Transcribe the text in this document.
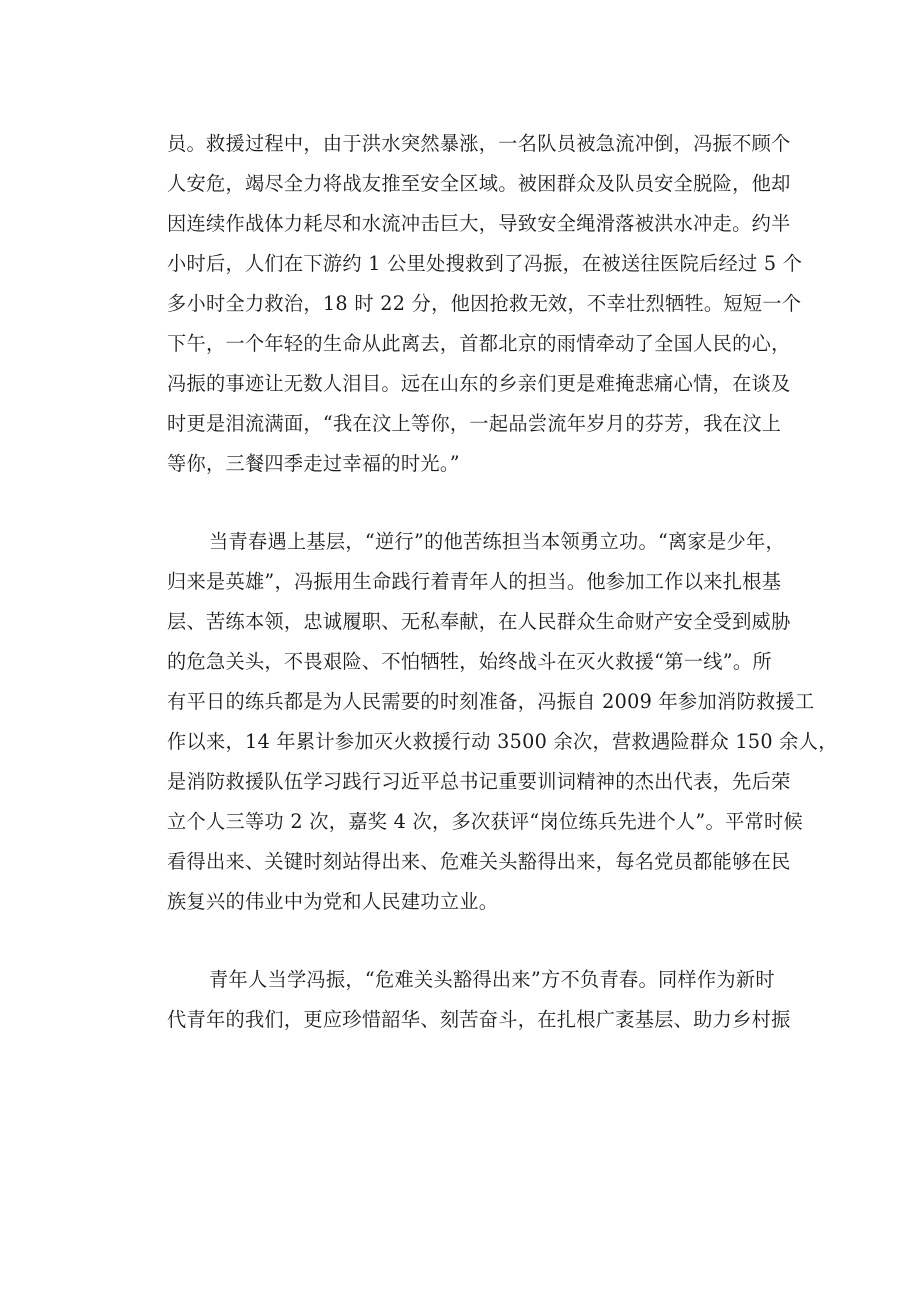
员。救援过程中，由于洪水突然暴涨，一名队员被急流冲倒，冯振不顾个
人安危，竭尽全力将战友推至安全区域。被困群众及队员安全脱险，他却
因连续作战体力耗尽和水流冲击巨大，导致安全绳滑落被洪水冲走。约半
小时后，人们在下游约 1 公里处搜救到了冯振，在被送往医院后经过 5 个
多小时全力救治，18 时 22 分，他因抢救无效，不幸壮烈牺牲。短短一个
下午，一个年轻的生命从此离去，首都北京的雨情牵动了全国人民的心，
冯振的事迹让无数人泪目。远在山东的乡亲们更是难掩悲痛心情，在谈及
时更是泪流满面，“我在汶上等你，一起品尝流年岁月的芬芳，我在汶上
等你，三餐四季走过幸福的时光。”
当青春遇上基层，“逆行”的他苦练担当本领勇立功。“离家是少年，
归来是英雄”，冯振用生命践行着青年人的担当。他参加工作以来扎根基
层、苦练本领，忠诚履职、无私奉献，在人民群众生命财产安全受到威胁
的危急关头，不畏艰险、不怕牺牲，始终战斗在灭火救援“第一线”。所
有平日的练兵都是为人民需要的时刻准备，冯振自 2009 年参加消防救援工
作以来，14 年累计参加灭火救援行动 3500 余次，营救遇险群众 150 余人，
是消防救援队伍学习践行习近平总书记重要训词精神的杰出代表，先后荣
立个人三等功 2 次，嘉奖 4 次，多次获评“岗位练兵先进个人”。平常时候
看得出来、关键时刻站得出来、危难关头豁得出来，每名党员都能够在民
族复兴的伟业中为党和人民建功立业。
青年人当学冯振，“危难关头豁得出来”方不负青春。同样作为新时
代青年的我们，更应珍惜韶华、刻苦奋斗，在扎根广袤基层、助力乡村振
